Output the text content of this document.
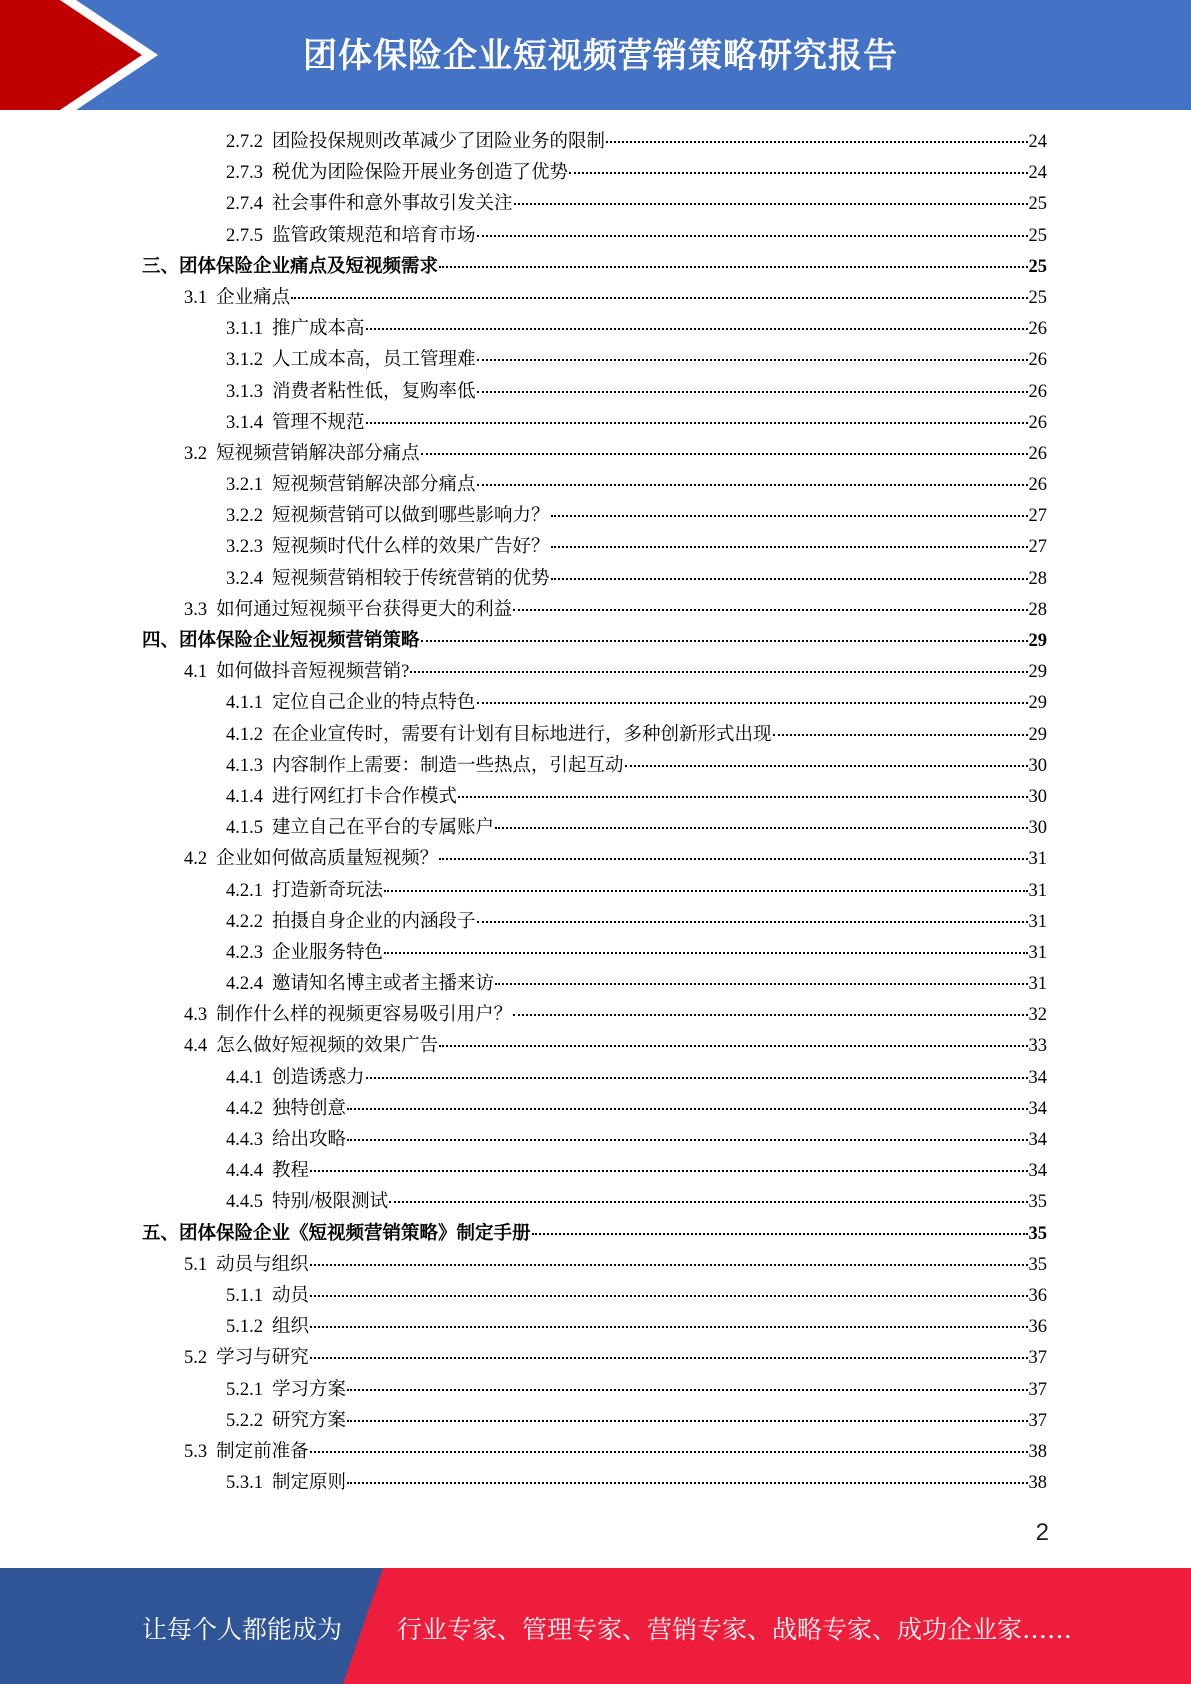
团体保险企业短视频营销策略研究报告
2.7.2 团险投保规则改革减少了团险业务的限制	24
2.7.3 税优为团险保险开展业务创造了优势	24
2.7.4 社会事件和意外事故引发关注	25
2.7.5 监管政策规范和培育市场	25
三、团体保险企业痛点及短视频需求	25
3.1 企业痛点	25
3.1.1 推广成本高	26
3.1.2 人工成本高，员工管理难	26
3.1.3 消费者粘性低，复购率低	26
3.1.4 管理不规范	26
3.2 短视频营销解决部分痛点	26
3.2.1 短视频营销解决部分痛点	26
3.2.2 短视频营销可以做到哪些影响力？	27
3.2.3 短视频时代什么样的效果广告好？	27
3.2.4 短视频营销相较于传统营销的优势	28
3.3 如何通过短视频平台获得更大的利益	28
四、团体保险企业短视频营销策略	29
4.1 如何做抖音短视频营销?	29
4.1.1 定位自己企业的特点特色	29
4.1.2 在企业宣传时，需要有计划有目标地进行，多种创新形式出现	29
4.1.3 内容制作上需要：制造一些热点，引起互动	30
4.1.4 进行网红打卡合作模式	30
4.1.5 建立自己在平台的专属账户	30
4.2 企业如何做高质量短视频？	31
4.2.1 打造新奇玩法	31
4.2.2 拍摄自身企业的内涵段子	31
4.2.3 企业服务特色	31
4.2.4 邀请知名博主或者主播来访	31
4.3 制作什么样的视频更容易吸引用户？	32
4.4 怎么做好短视频的效果广告	33
4.4.1 创造诱惑力	34
4.4.2 独特创意	34
4.4.3 给出攻略	34
4.4.4 教程	34
4.4.5 特别/极限测试	35
五、团体保险企业《短视频营销策略》制定手册	35
5.1 动员与组织	35
5.1.1 动员	36
5.1.2 组织	36
5.2 学习与研究	37
5.2.1 学习方案	37
5.2.2 研究方案	37
5.3 制定前准备	38
5.3.1 制定原则	38
2
让每个人都能成为 行业专家、管理专家、营销专家、战略专家、成功企业家……
